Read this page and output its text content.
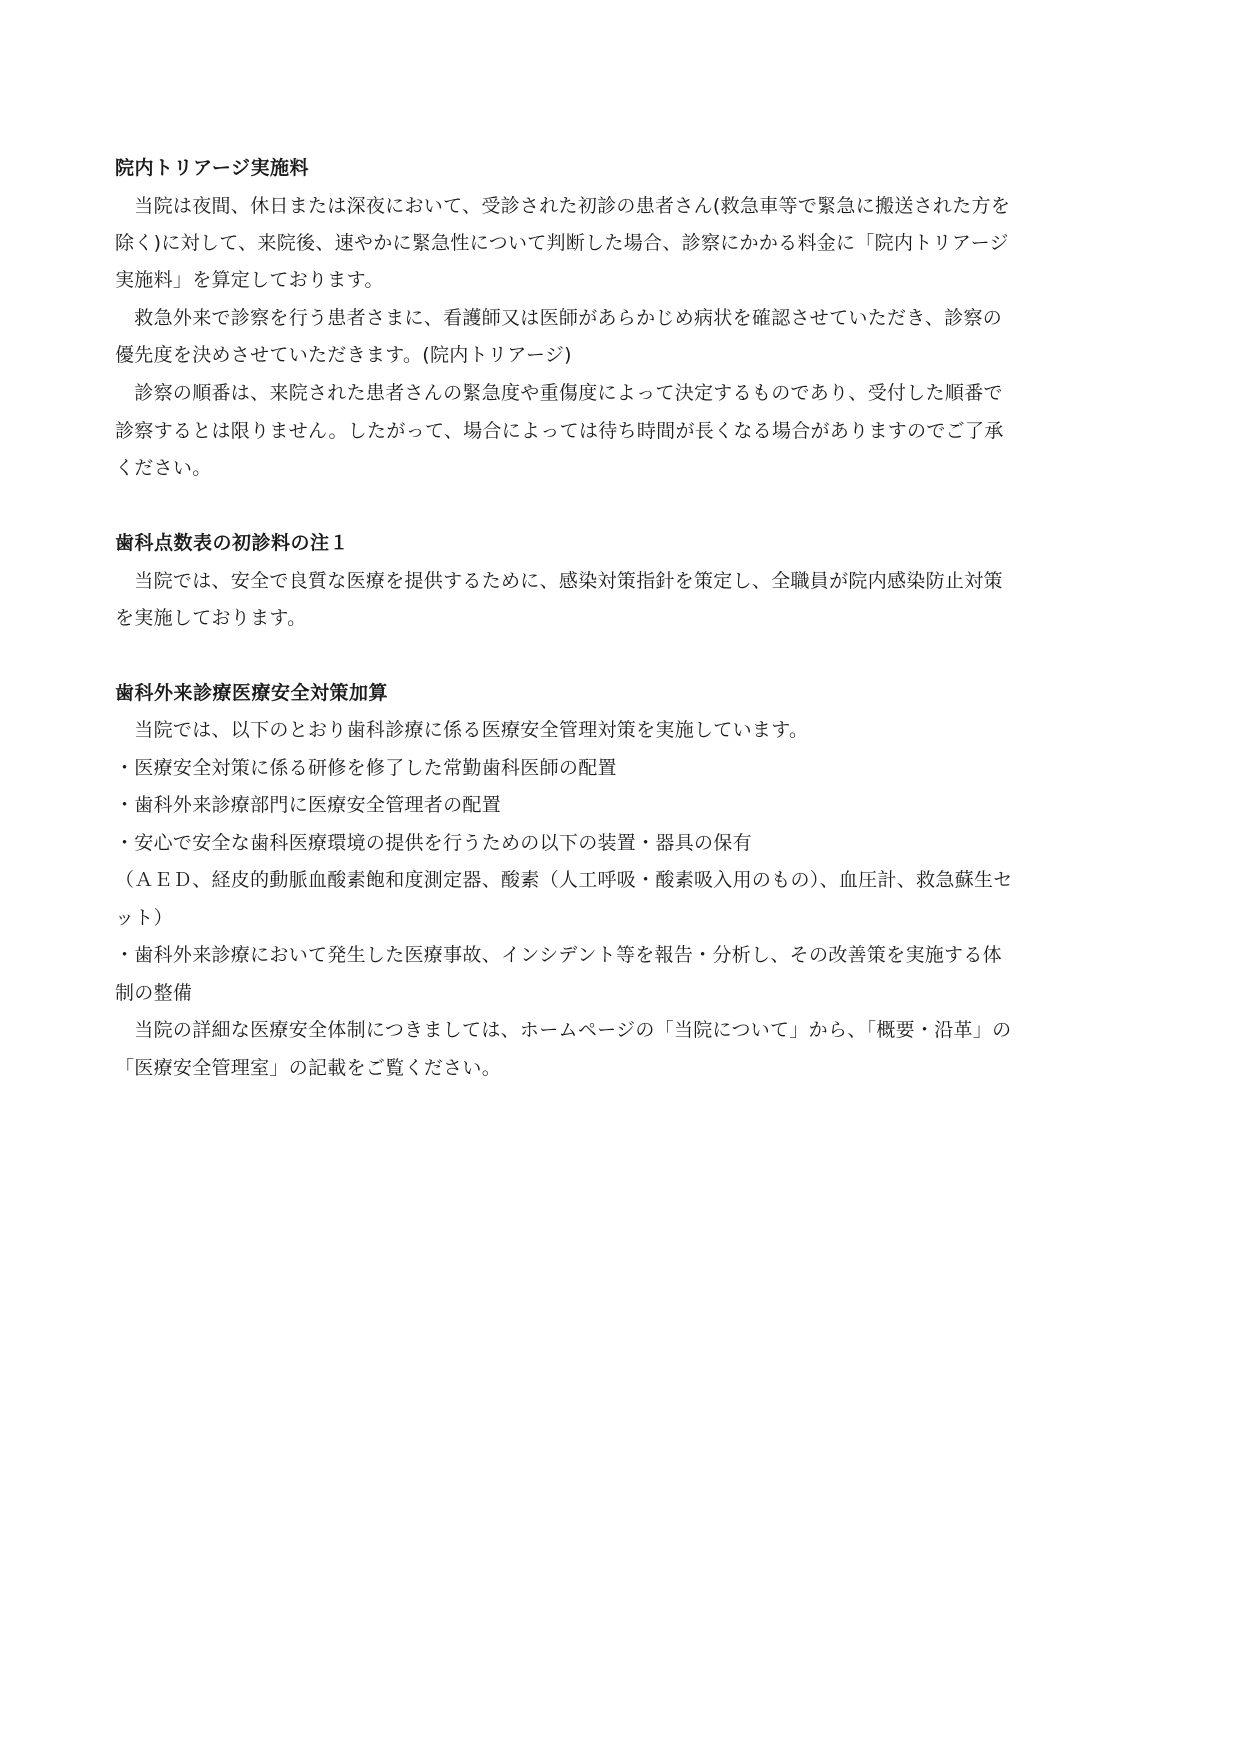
院内トリアージ実施料
　当院は夜間、休日または深夜において、受診された初診の患者さん(救急車等で緊急に搬送された方を
除く)に対して、来院後、速やかに緊急性について判断した場合、診察にかかる料金に「院内トリアージ
実施料」を算定しております。
　救急外来で診察を行う患者さまに、看護師又は医師があらかじめ病状を確認させていただき、診察の
優先度を決めさせていただきます。(院内トリアージ)
　診察の順番は、来院された患者さんの緊急度や重傷度によって決定するものであり、受付した順番で
診察するとは限りません。したがって、場合によっては待ち時間が長くなる場合がありますのでご了承
ください。
歯科点数表の初診料の注１
　当院では、安全で良質な医療を提供するために、感染対策指針を策定し、全職員が院内感染防止対策
を実施しております。
歯科外来診療医療安全対策加算
　当院では、以下のとおり歯科診療に係る医療安全管理対策を実施しています。
・医療安全対策に係る研修を修了した常勤歯科医師の配置
・歯科外来診療部門に医療安全管理者の配置
・安心で安全な歯科医療環境の提供を行うための以下の装置・器具の保有
（ＡＥＤ、経皮的動脈血酸素飽和度測定器、酸素（人工呼吸・酸素吸入用のもの）、血圧計、救急蘇生セ
ット）
・歯科外来診療において発生した医療事故、インシデント等を報告・分析し、その改善策を実施する体
制の整備
　当院の詳細な医療安全体制につきましては、ホームページの「当院について」から、「概要・沿革」の
「医療安全管理室」の記載をご覧ください。
